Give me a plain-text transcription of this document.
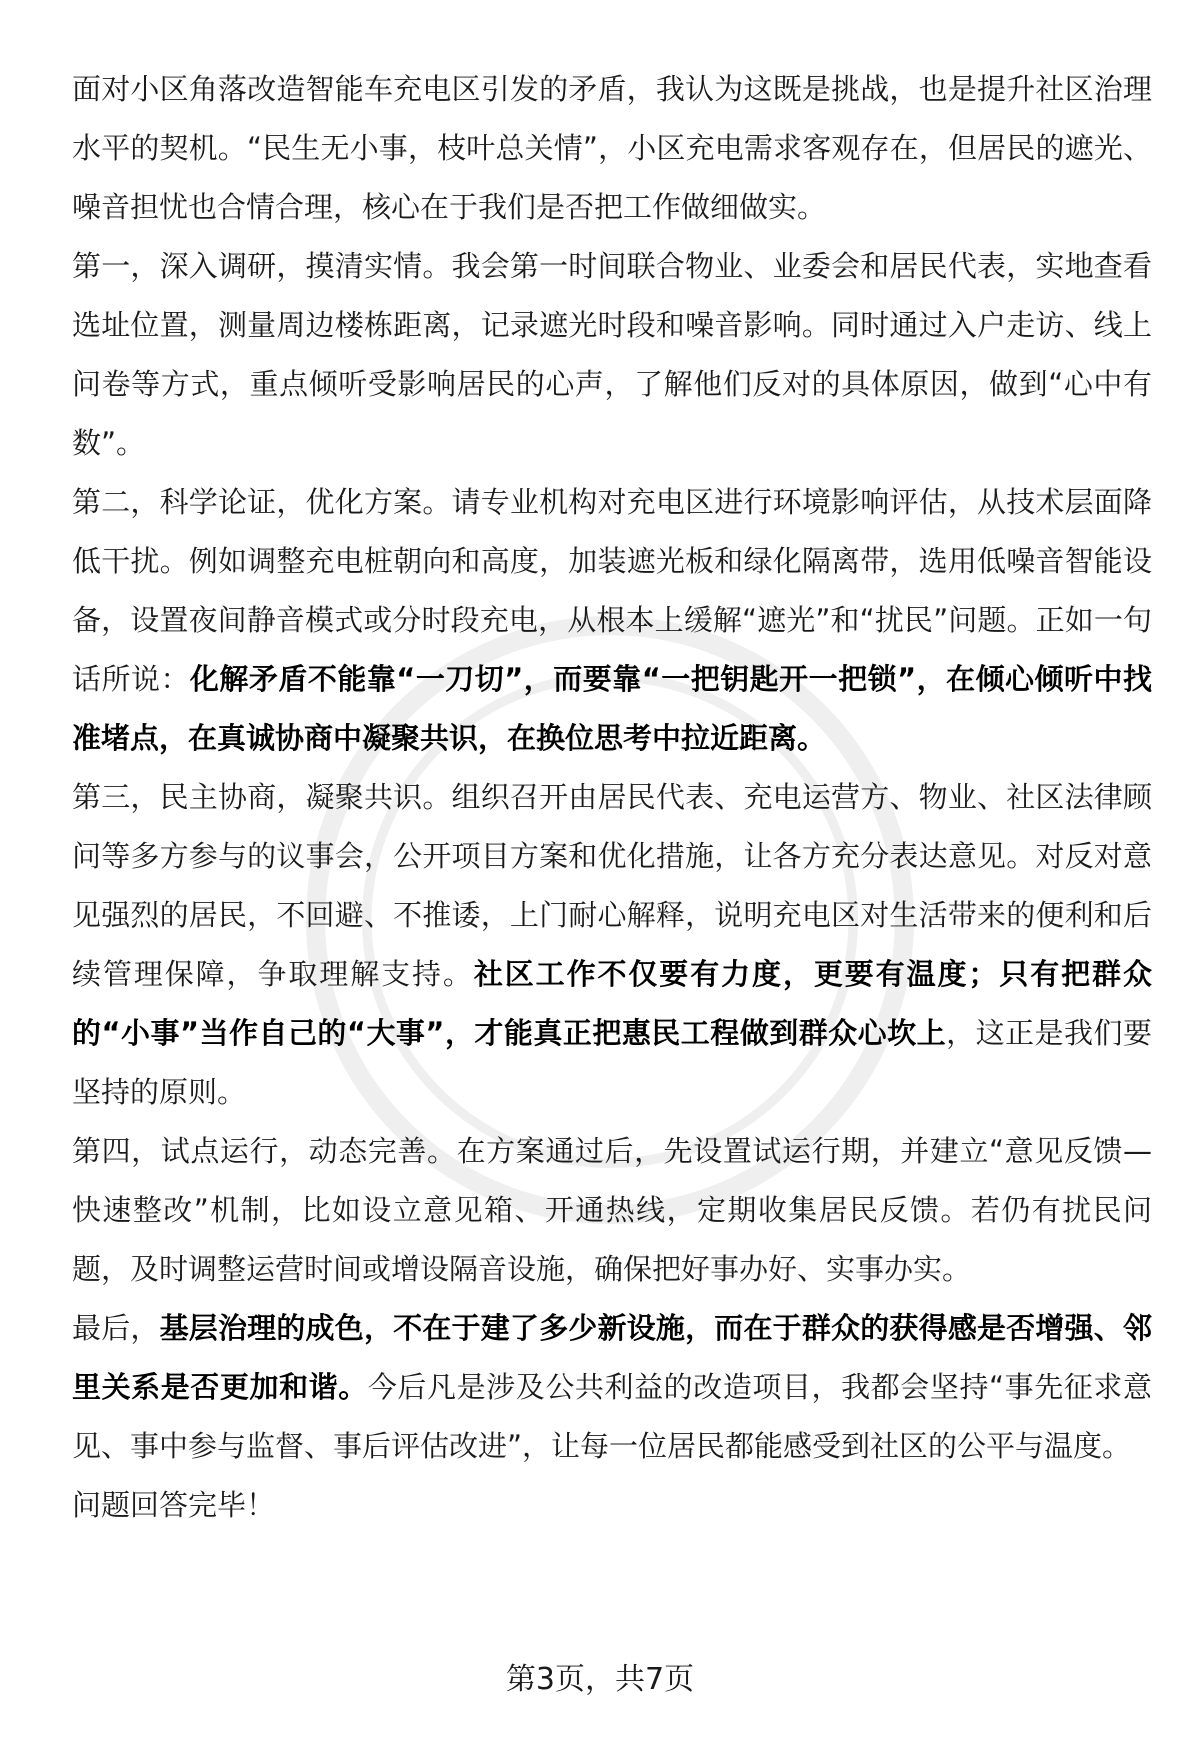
面对小区角落改造智能车充电区引发的矛盾，我认为这既是挑战，也是提升社区治理水平的契机。“民生无小事，枝叶总关情”，小区充电需求客观存在，但居民的遮光、噪音担忧也合情合理，核心在于我们是否把工作做细做实。

第一，深入调研，摸清实情。我会第一时间联合物业、业委会和居民代表，实地查看选址位置，测量周边楼栋距离，记录遮光时段和噪音影响。同时通过入户走访、线上问卷等方式，重点倾听受影响居民的心声，了解他们反对的具体原因，做到“心中有数”。

第二，科学论证，优化方案。请专业机构对充电区进行环境影响评估，从技术层面降低干扰。例如调整充电桩朝向和高度，加装遮光板和绿化隔离带，选用低噪音智能设备，设置夜间静音模式或分时段充电，从根本上缓解“遮光”和“扰民”问题。正如一句话所说：化解矛盾不能靠“一刀切”，而要靠“一把钥匙开一把锁”，在倾心倾听中找准堵点，在真诚协商中凝聚共识，在换位思考中拉近距离。

第三，民主协商，凝聚共识。组织召开由居民代表、充电运营方、物业、社区法律顾问等多方参与的议事会，公开项目方案和优化措施，让各方充分表达意见。对反对意见强烈的居民，不回避、不推诿，上门耐心解释，说明充电区对生活带来的便利和后续管理保障，争取理解支持。社区工作不仅要有力度，更要有温度；只有把群众的“小事”当作自己的“大事”，才能真正把惠民工程做到群众心坎上，这正是我们要坚持的原则。

第四，试点运行，动态完善。在方案通过后，先设置试运行期，并建立“意见反馈—快速整改”机制，比如设立意见箱、开通热线，定期收集居民反馈。若仍有扰民问题，及时调整运营时间或增设隔音设施，确保把好事办好、实事办实。

最后，基层治理的成色，不在于建了多少新设施，而在于群众的获得感是否增强、邻里关系是否更加和谐。今后凡是涉及公共利益的改造项目，我都会坚持“事先征求意见、事中参与监督、事后评估改进”，让每一位居民都能感受到社区的公平与温度。

问题回答完毕！

第3页，共7页
